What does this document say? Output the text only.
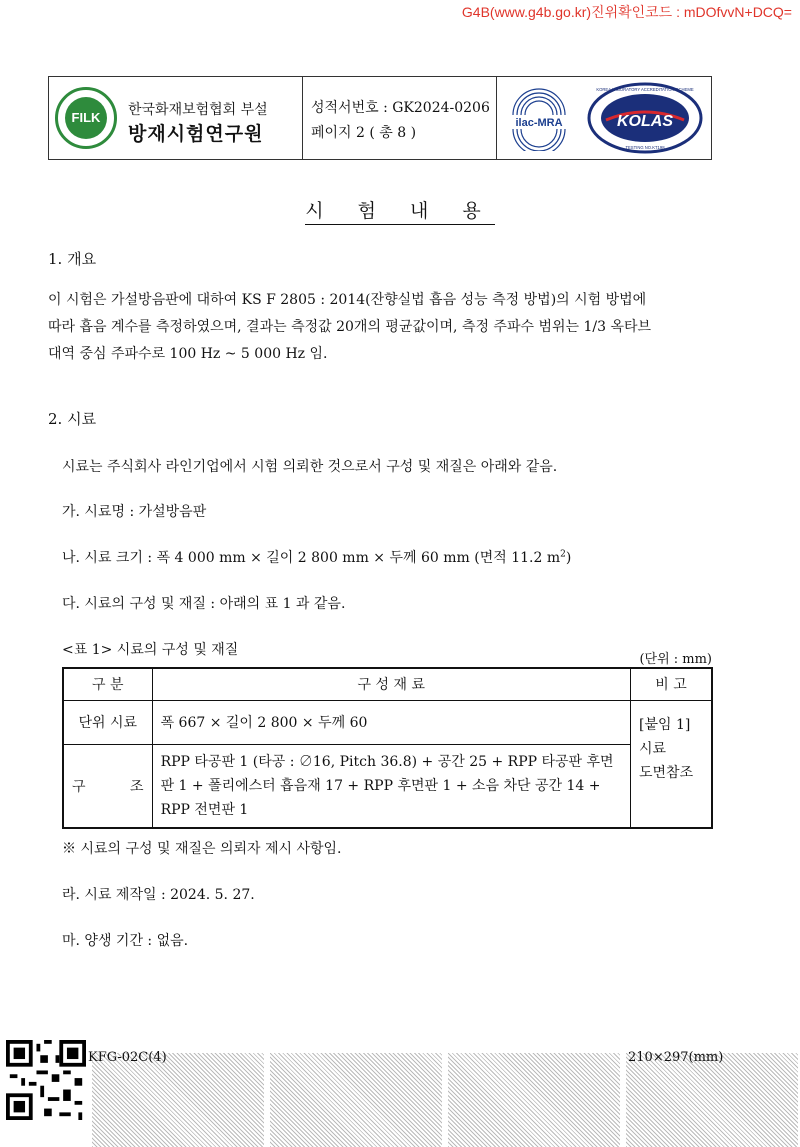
G4B(www.g4b.go.kr)진위확인코드 : mDOfvvN+DCQ=
FILK	한국화재보험협회 부설
방재시험연구원
성적서번호 : GK2024-0206
페이지 2 ( 총 8 )
ilac-MRA	KOLAS
KOREA LABORATORY ACCREDITATION SCHEME
TESTING NO.KT198
시 험 내 용
1. 개요
이 시험은 가설방음판에 대하여 KS F 2805 : 2014(잔향실법 흡음 성능 측정 방법)의 시험 방법에
따라 흡음 계수를 측정하였으며, 결과는 측정값 20개의 평균값이며, 측정 주파수 범위는 1/3 옥타브
대역 중심 주파수로 100 Hz ~ 5 000 Hz 임.
2. 시료
시료는 주식회사 라인기업에서 시험 의뢰한 것으로서 구성 및 재질은 아래와 같음.
가. 시료명 : 가설방음판
나. 시료 크기 : 폭 4 000 mm × 길이 2 800 mm × 두께 60 mm (면적 11.2 $m^2$)
다. 시료의 구성 및 재질 : 아래의 표 1 과 같음.
<표 1> 시료의 구성 및 재질
(단위 : mm)
구 분	구 성 재 료	비 고
단위 시료	폭 667 × 길이 2 800 × 두께 60	[붙임 1]
시료
도면참조

구          조	RPP 타공판 1 (타공 : ∅16, Pitch 36.8) + 공간 25 + RPP 타공판 후면판 1 + 폴리에스터 흡음재 17 + RPP 후면판 1 + 소음 차단 공간 14 + RPP 전면판 1	
※ 시료의 구성 및 재질은 의뢰자 제시 사항임.
라. 시료 제작일 : 2024. 5. 27.
마. 양생 기간 : 없음.
KFG-02C(4)	210×297(mm)
